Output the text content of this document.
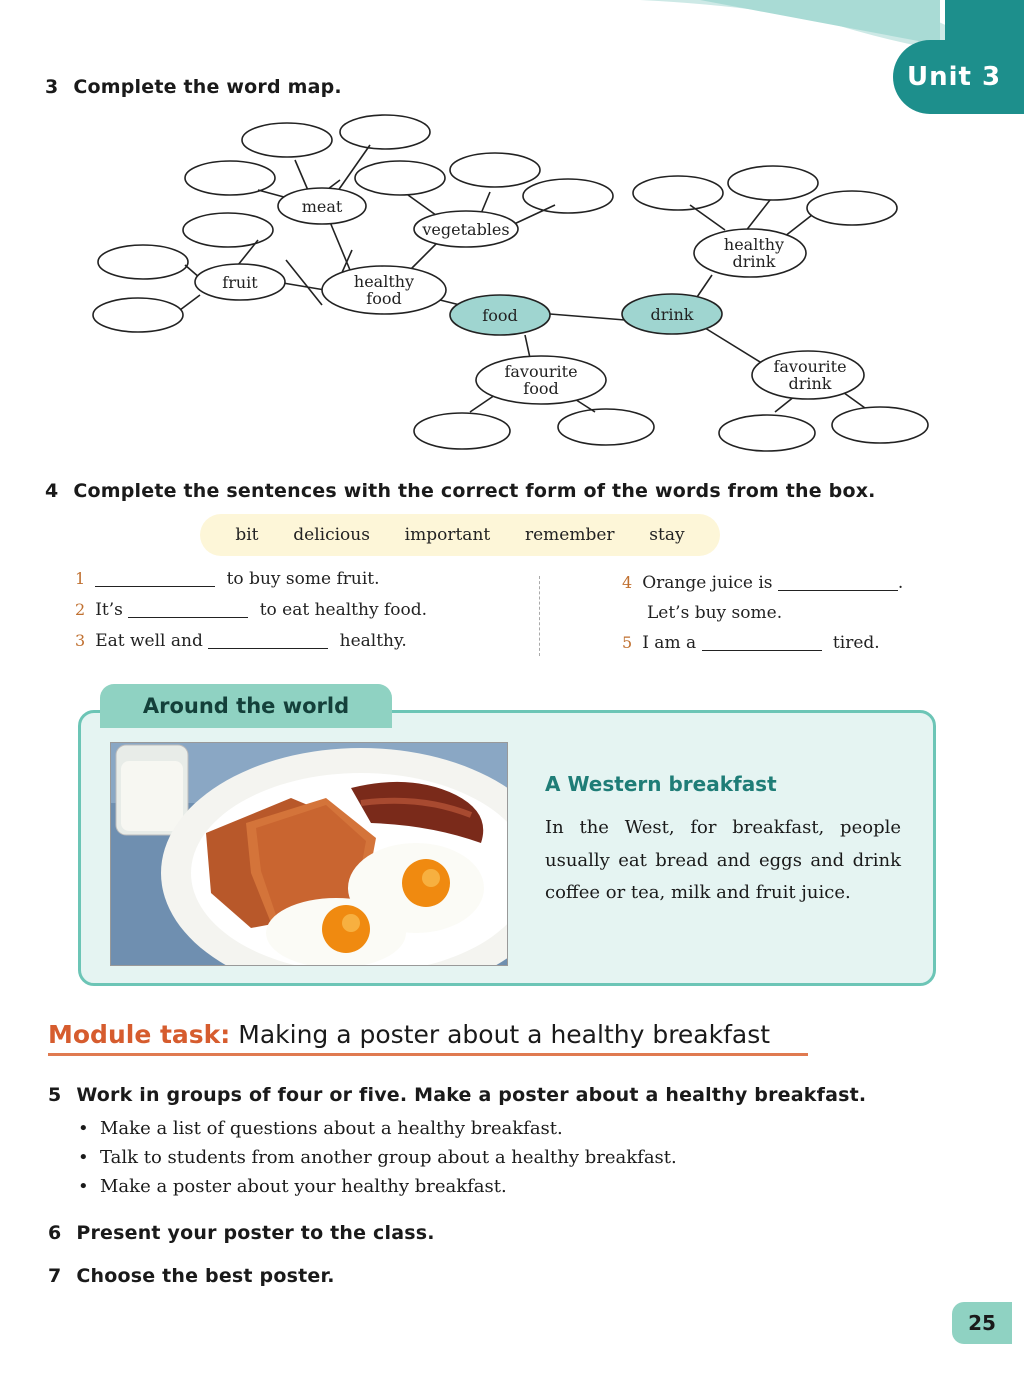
Unit 3
3 Complete the word map.
meat
vegetables
fruit	healthy
food
healthy
drink
favourite
food
favourite
drink
food	drink
4 Complete the sentences with the correct form of the words from the box.
bit delicious important remember stay
1	to buy some fruit.
2 It’s	to eat healthy food.
3 Eat well and	healthy.
4 Orange juice is	.
Let’s buy some.
5 I am a	tired.
Around the world
A Western breakfast
In the West, for breakfast, people usually eat bread and eggs and drink coffee or tea, milk and fruit juice.
Module task: Making a poster about a healthy breakfast
5 Work in groups of four or five. Make a poster about a healthy breakfast.
• Make a list of questions about a healthy breakfast.
• Talk to students from another group about a healthy breakfast.
• Make a poster about your healthy breakfast.
6 Present your poster to the class.
7 Choose the best poster.
25
